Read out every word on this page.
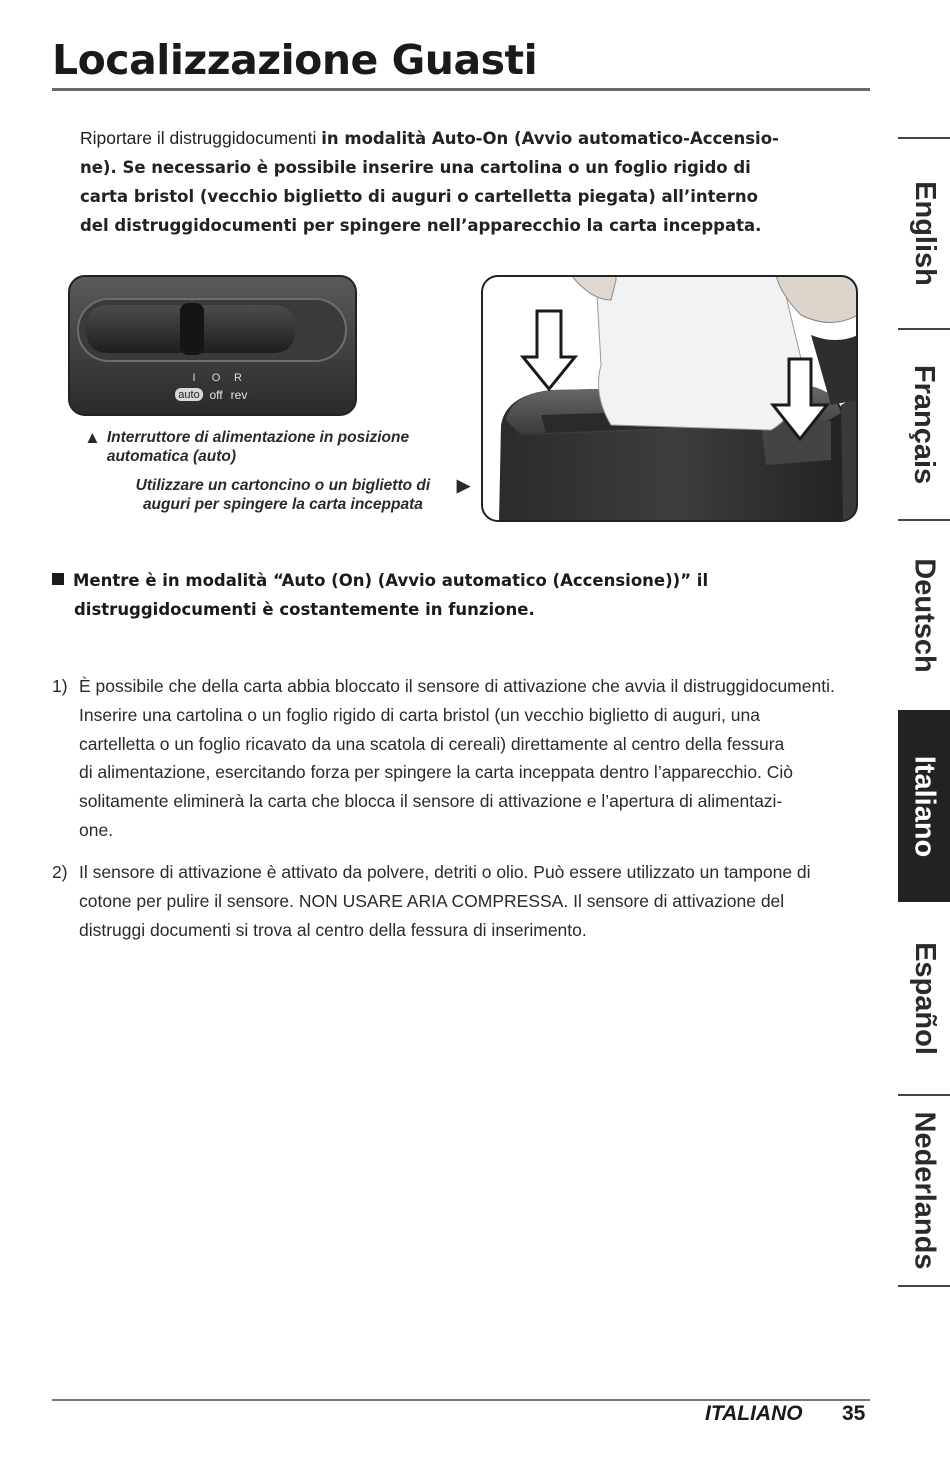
Localizzazione Guasti
Riportare il distruggidocumenti in modalità Auto-On (Avvio automatico-Accensio-
ne). Se necessario è possibile inserire una cartolina o un foglio rigido di
carta bristol (vecchio biglietto di auguri o cartelletta piegata) all’interno
del distruggidocumenti per spingere nell’apparecchio la carta inceppata.
I O R
auto off rev
▲ Interruttore di alimentazione in posizione
automatica (auto)
Utilizzare un cartoncino o un biglietto di
auguri per spingere la carta inceppata▶
Mentre è in modalità “Auto (On) (Avvio automatico (Accensione))” il
distruggidocumenti è costantemente in funzione.
1) È possibile che della carta abbia bloccato il sensore di attivazione che avvia il distruggidocumenti.
Inserire una cartolina o un foglio rigido di carta bristol (un vecchio biglietto di auguri, una
cartelletta o un foglio ricavato da una scatola di cereali) direttamente al centro della fessura
di alimentazione, esercitando forza per spingere la carta inceppata dentro l’apparecchio. Ciò
solitamente eliminerà la carta che blocca il sensore di attivazione e l’apertura di alimentazi-
one.
2) Il sensore di attivazione è attivato da polvere, detriti o olio. Può essere utilizzato un tampone di
cotone per pulire il sensore. NON USARE ARIA COMPRESSA. Il sensore di attivazione del
distruggi documenti si trova al centro della fessura di inserimento.
English
Français
Deutsch
Italiano
Español
Nederlands
ITALIANO 35
